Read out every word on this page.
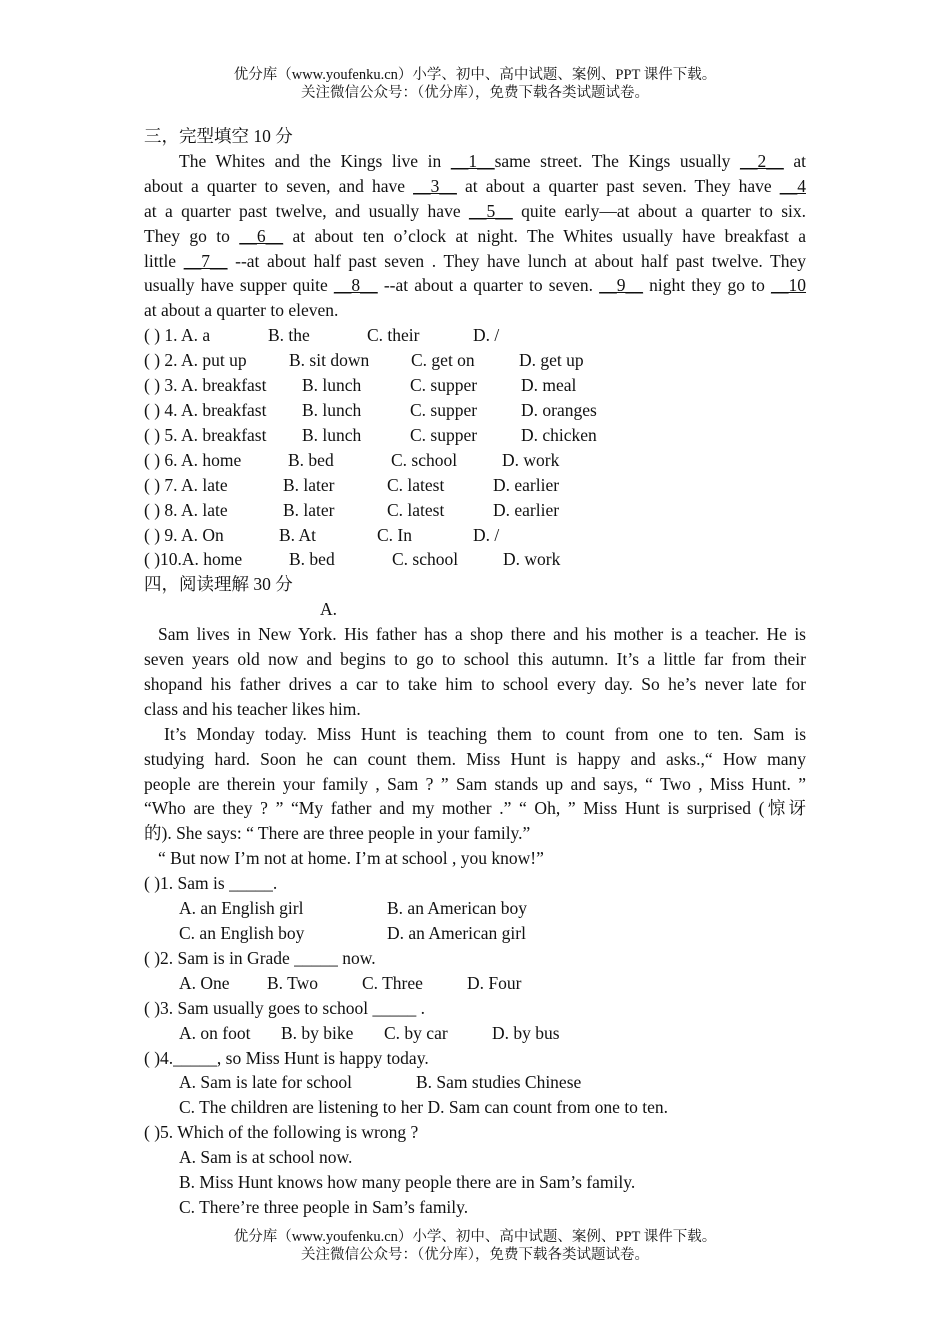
优分库（www.youfenku.cn）小学、初中、高中试题、案例、PPT 课件下载。
关注微信公众号：（优分库），免费下载各类试题试卷。
三，完型填空 10 分
The Whites and the Kings live in __1__same street. The Kings usually __2__ at
about a quarter to seven, and have __3__ at about a quarter past seven. They have __4
at a quarter past twelve, and usually have __5__ quite early—at about a quarter to six.
They go to __6__ at about ten o’clock at night. The Whites usually have breakfast a
little __7__ --at about half past seven . They have lunch at about half past twelve. They
usually have supper quite __8__ --at about a quarter to seven. __9__ night they go to __10
at about a quarter to eleven.
( ) 1. A. a	B. the	C. their	D. /
( ) 2. A. put up	B. sit down	C. get on	D. get up
( ) 3. A. breakfast	B. lunch	C. supper	D. meal
( ) 4. A. breakfast	B. lunch	C. supper	D. oranges
( ) 5. A. breakfast	B. lunch	C. supper	D. chicken
( ) 6. A. home	B. bed	C. school	D. work
( ) 7. A. late	B. later	C. latest	D. earlier
( ) 8. A. late	B. later	C. latest	D. earlier
( ) 9. A. On	B. At	C. In	D. /
( )10.A. home	B. bed	C. school	D. work
四，阅读理解 30 分
A.
Sam lives in New York. His father has a shop there and his mother is a teacher. He is
seven years old now and begins to go to school this autumn. It’s a little far from their
shopand his father drives a car to take him to school every day. So he’s never late for
class and his teacher likes him.
It’s Monday today. Miss Hunt is teaching them to count from one to ten. Sam is
studying hard. Soon he can count them. Miss Hunt is happy and asks.,“ How many
people are therein your family , Sam ? ” Sam stands up and says, “ Two , Miss Hunt. ”
“Who are they ? ” “My father and my mother .” “ Oh, ” Miss Hunt is surprised (惊讶
的). She says: “ There are three people in your family.”
“ But now I’m not at home. I’m at school , you know!”
( )1. Sam is _____.
A. an English girl	B. an American boy
C. an English boy	D. an American girl
( )2. Sam is in Grade _____ now.
A. One	B. Two	C. Three	D. Four
( )3. Sam usually goes to school _____ .
A. on foot	B. by bike	C. by car	D. by bus
( )4._____, so Miss Hunt is happy today.
A. Sam is late for school	B. Sam studies Chinese
C. The children are listening to her D. Sam can count from one to ten.
( )5. Which of the following is wrong ?
A. Sam is at school now.
B. Miss Hunt knows how many people there are in Sam’s family.
C. There’re three people in Sam’s family.
优分库（www.youfenku.cn）小学、初中、高中试题、案例、PPT 课件下载。
关注微信公众号：（优分库），免费下载各类试题试卷。
